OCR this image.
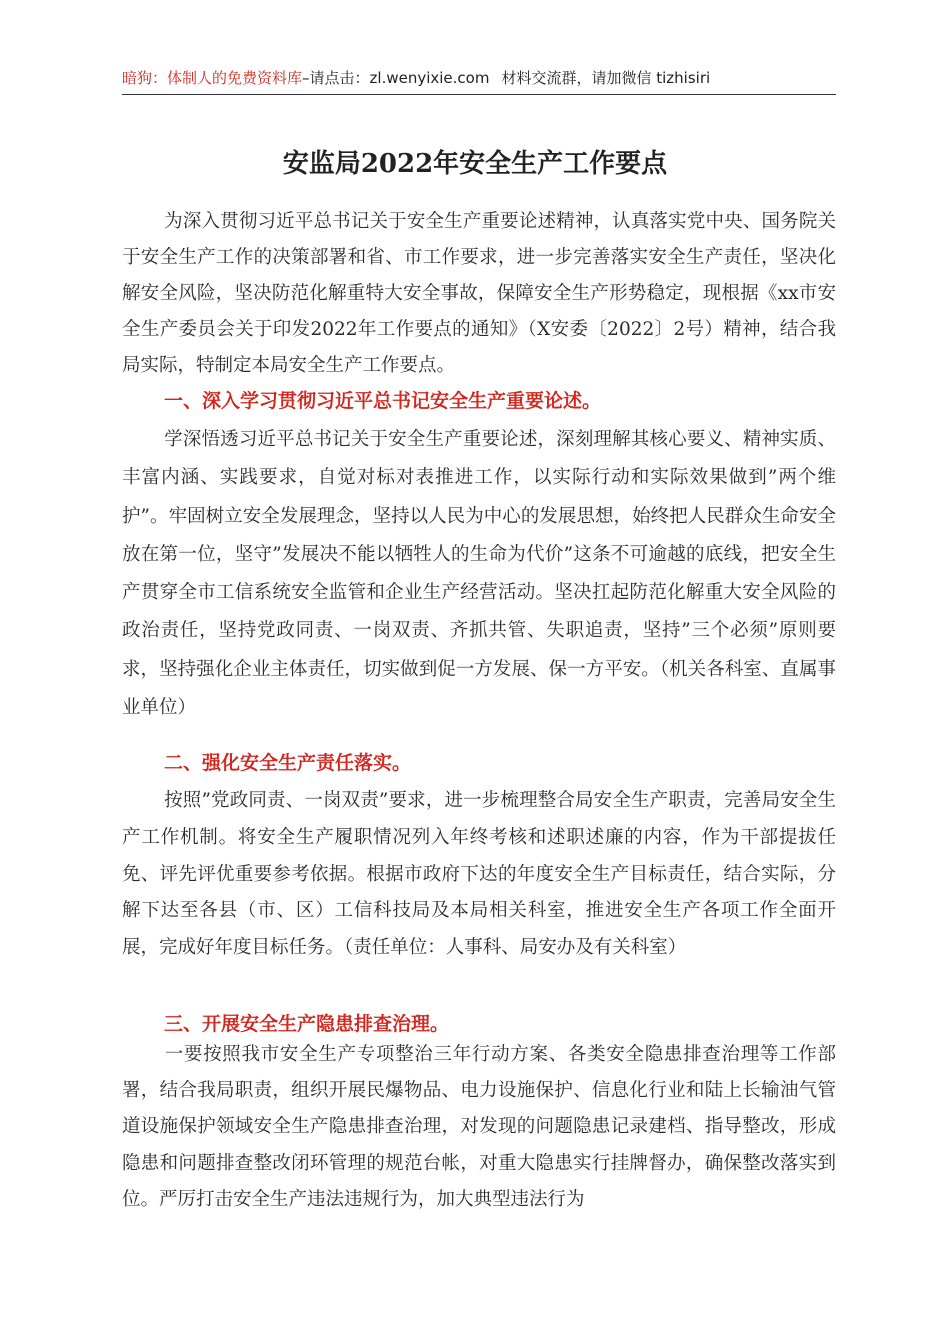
暗狗：体制人的免费资料库–请点击：zl.wenyixie.com 材料交流群，请加微信 tizhisiri
安监局2022年安全生产工作要点

为深入贯彻习近平总书记关于安全生产重要论述精神，认真落实党中央、国务院关于安全生产工作的决策部署和省、市工作要求，进一步完善落实安全生产责任，坚决化解安全风险，坚决防范化解重特大安全事故，保障安全生产形势稳定，现根据《xx市安全生产委员会关于印发2022年工作要点的通知》（X安委〔2022〕2号）精神，结合我局实际，特制定本局安全生产工作要点。

一、深入学习贯彻习近平总书记安全生产重要论述。

学深悟透习近平总书记关于安全生产重要论述，深刻理解其核心要义、精神实质、丰富内涵、实践要求，自觉对标对表推进工作，以实际行动和实际效果做到”两个维护”。牢固树立安全发展理念，坚持以人民为中心的发展思想，始终把人民群众生命安全放在第一位，坚守”发展决不能以牺牲人的生命为代价”这条不可逾越的底线，把安全生产贯穿全市工信系统安全监管和企业生产经营活动。坚决扛起防范化解重大安全风险的政治责任，坚持党政同责、一岗双责、齐抓共管、失职追责，坚持”三个必须”原则要求，坚持强化企业主体责任，切实做到促一方发展、保一方平安。（机关各科室、直属事业单位）

二、强化安全生产责任落实。

按照”党政同责、一岗双责”要求，进一步梳理整合局安全生产职责，完善局安全生产工作机制。将安全生产履职情况列入年终考核和述职述廉的内容，作为干部提拔任免、评先评优重要参考依据。根据市政府下达的年度安全生产目标责任，结合实际，分解下达至各县（市、区）工信科技局及本局相关科室，推进安全生产各项工作全面开展，完成好年度目标任务。（责任单位：人事科、局安办及有关科室）

三、开展安全生产隐患排查治理。

一要按照我市安全生产专项整治三年行动方案、各类安全隐患排查治理等工作部署，结合我局职责，组织开展民爆物品、电力设施保护、信息化行业和陆上长输油气管道设施保护领域安全生产隐患排查治理，对发现的问题隐患记录建档、指导整改，形成隐患和问题排查整改闭环管理的规范台帐，对重大隐患实行挂牌督办，确保整改落实到位。严厉打击安全生产违法违规行为，加大典型违法行为
